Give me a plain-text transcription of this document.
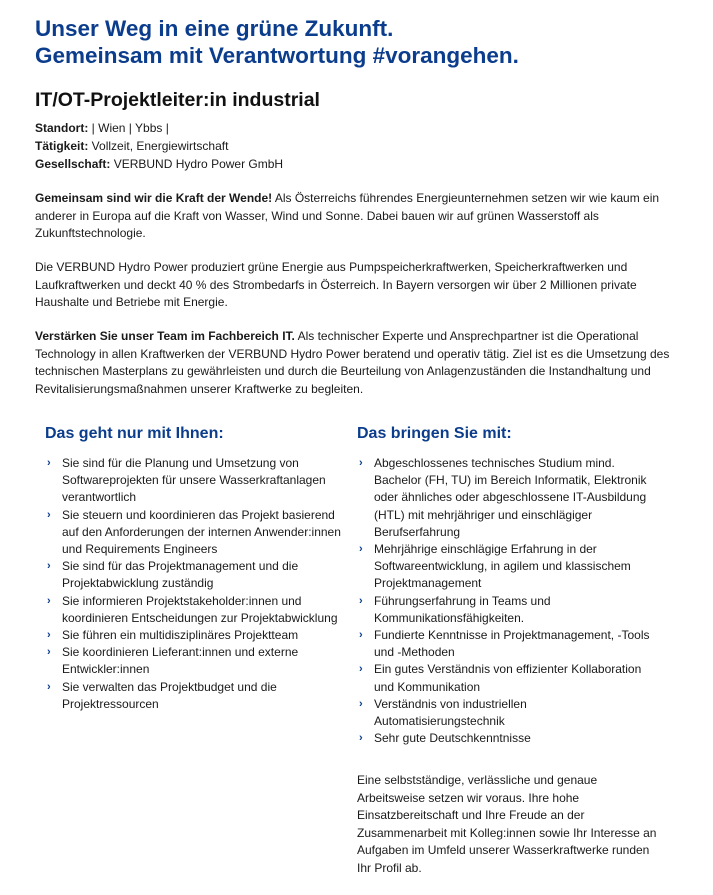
Unser Weg in eine grüne Zukunft.
Gemeinsam mit Verantwortung #vorangehen.
IT/OT-Projektleiter:in industrial
Standort: | Wien | Ybbs |
Tätigkeit: Vollzeit, Energiewirtschaft
Gesellschaft: VERBUND Hydro Power GmbH

Gemeinsam sind wir die Kraft der Wende! Als Österreichs führendes Energieunternehmen setzen wir wie kaum ein anderer in Europa auf die Kraft von Wasser, Wind und Sonne. Dabei bauen wir auf grünen Wasserstoff als Zukunftstechnologie.

Die VERBUND Hydro Power produziert grüne Energie aus Pumpspeicherkraftwerken, Speicherkraftwerken und Laufkraftwerken und deckt 40 % des Strombedarfs in Österreich. In Bayern versorgen wir über 2 Millionen private Haushalte und Betriebe mit Energie.

Verstärken Sie unser Team im Fachbereich IT. Als technischer Experte und Ansprechpartner ist die Operational Technology in allen Kraftwerken der VERBUND Hydro Power beratend und operativ tätig. Ziel ist es die Umsetzung des technischen Masterplans zu gewährleisten und durch die Beurteilung von Anlagenzuständen die Instandhaltung und Revitalisierungsmaßnahmen unserer Kraftwerke zu begleiten.

Das geht nur mit Ihnen:
› Sie sind für die Planung und Umsetzung von Softwareprojekten für unsere Wasserkraftanlagen verantwortlich
› Sie steuern und koordinieren das Projekt basierend auf den Anforderungen der internen Anwender:innen und Requirements Engineers
› Sie sind für das Projektmanagement und die Projektabwicklung zuständig
› Sie informieren Projektstakeholder:innen und koordinieren Entscheidungen zur Projektabwicklung
› Sie führen ein multidisziplinäres Projektteam
› Sie koordinieren Lieferant:innen und externe Entwickler:innen
› Sie verwalten das Projektbudget und die Projektressourcen
Das bringen Sie mit:
› Abgeschlossenes technisches Studium mind. Bachelor (FH, TU) im Bereich Informatik, Elektronik oder ähnliches oder abgeschlossene IT-Ausbildung (HTL) mit mehrjähriger und einschlägiger Berufserfahrung
› Mehrjährige einschlägige Erfahrung in der Softwareentwicklung, in agilem und klassischem Projektmanagement
› Führungserfahrung in Teams und Kommunikationsfähigkeiten.
› Fundierte Kenntnisse in Projektmanagement, -Tools und -Methoden
› Ein gutes Verständnis von effizienter Kollaboration und Kommunikation
› Verständnis von industriellen Automatisierungstechnik
› Sehr gute Deutschkenntnisse

Eine selbstständige, verlässliche und genaue Arbeitsweise setzen wir voraus. Ihre hohe Einsatzbereitschaft und Ihre Freude an der Zusammenarbeit mit Kolleg:innen sowie Ihr Interesse an Aufgaben im Umfeld unserer Wasserkraftwerke runden Ihr Profil ab.
